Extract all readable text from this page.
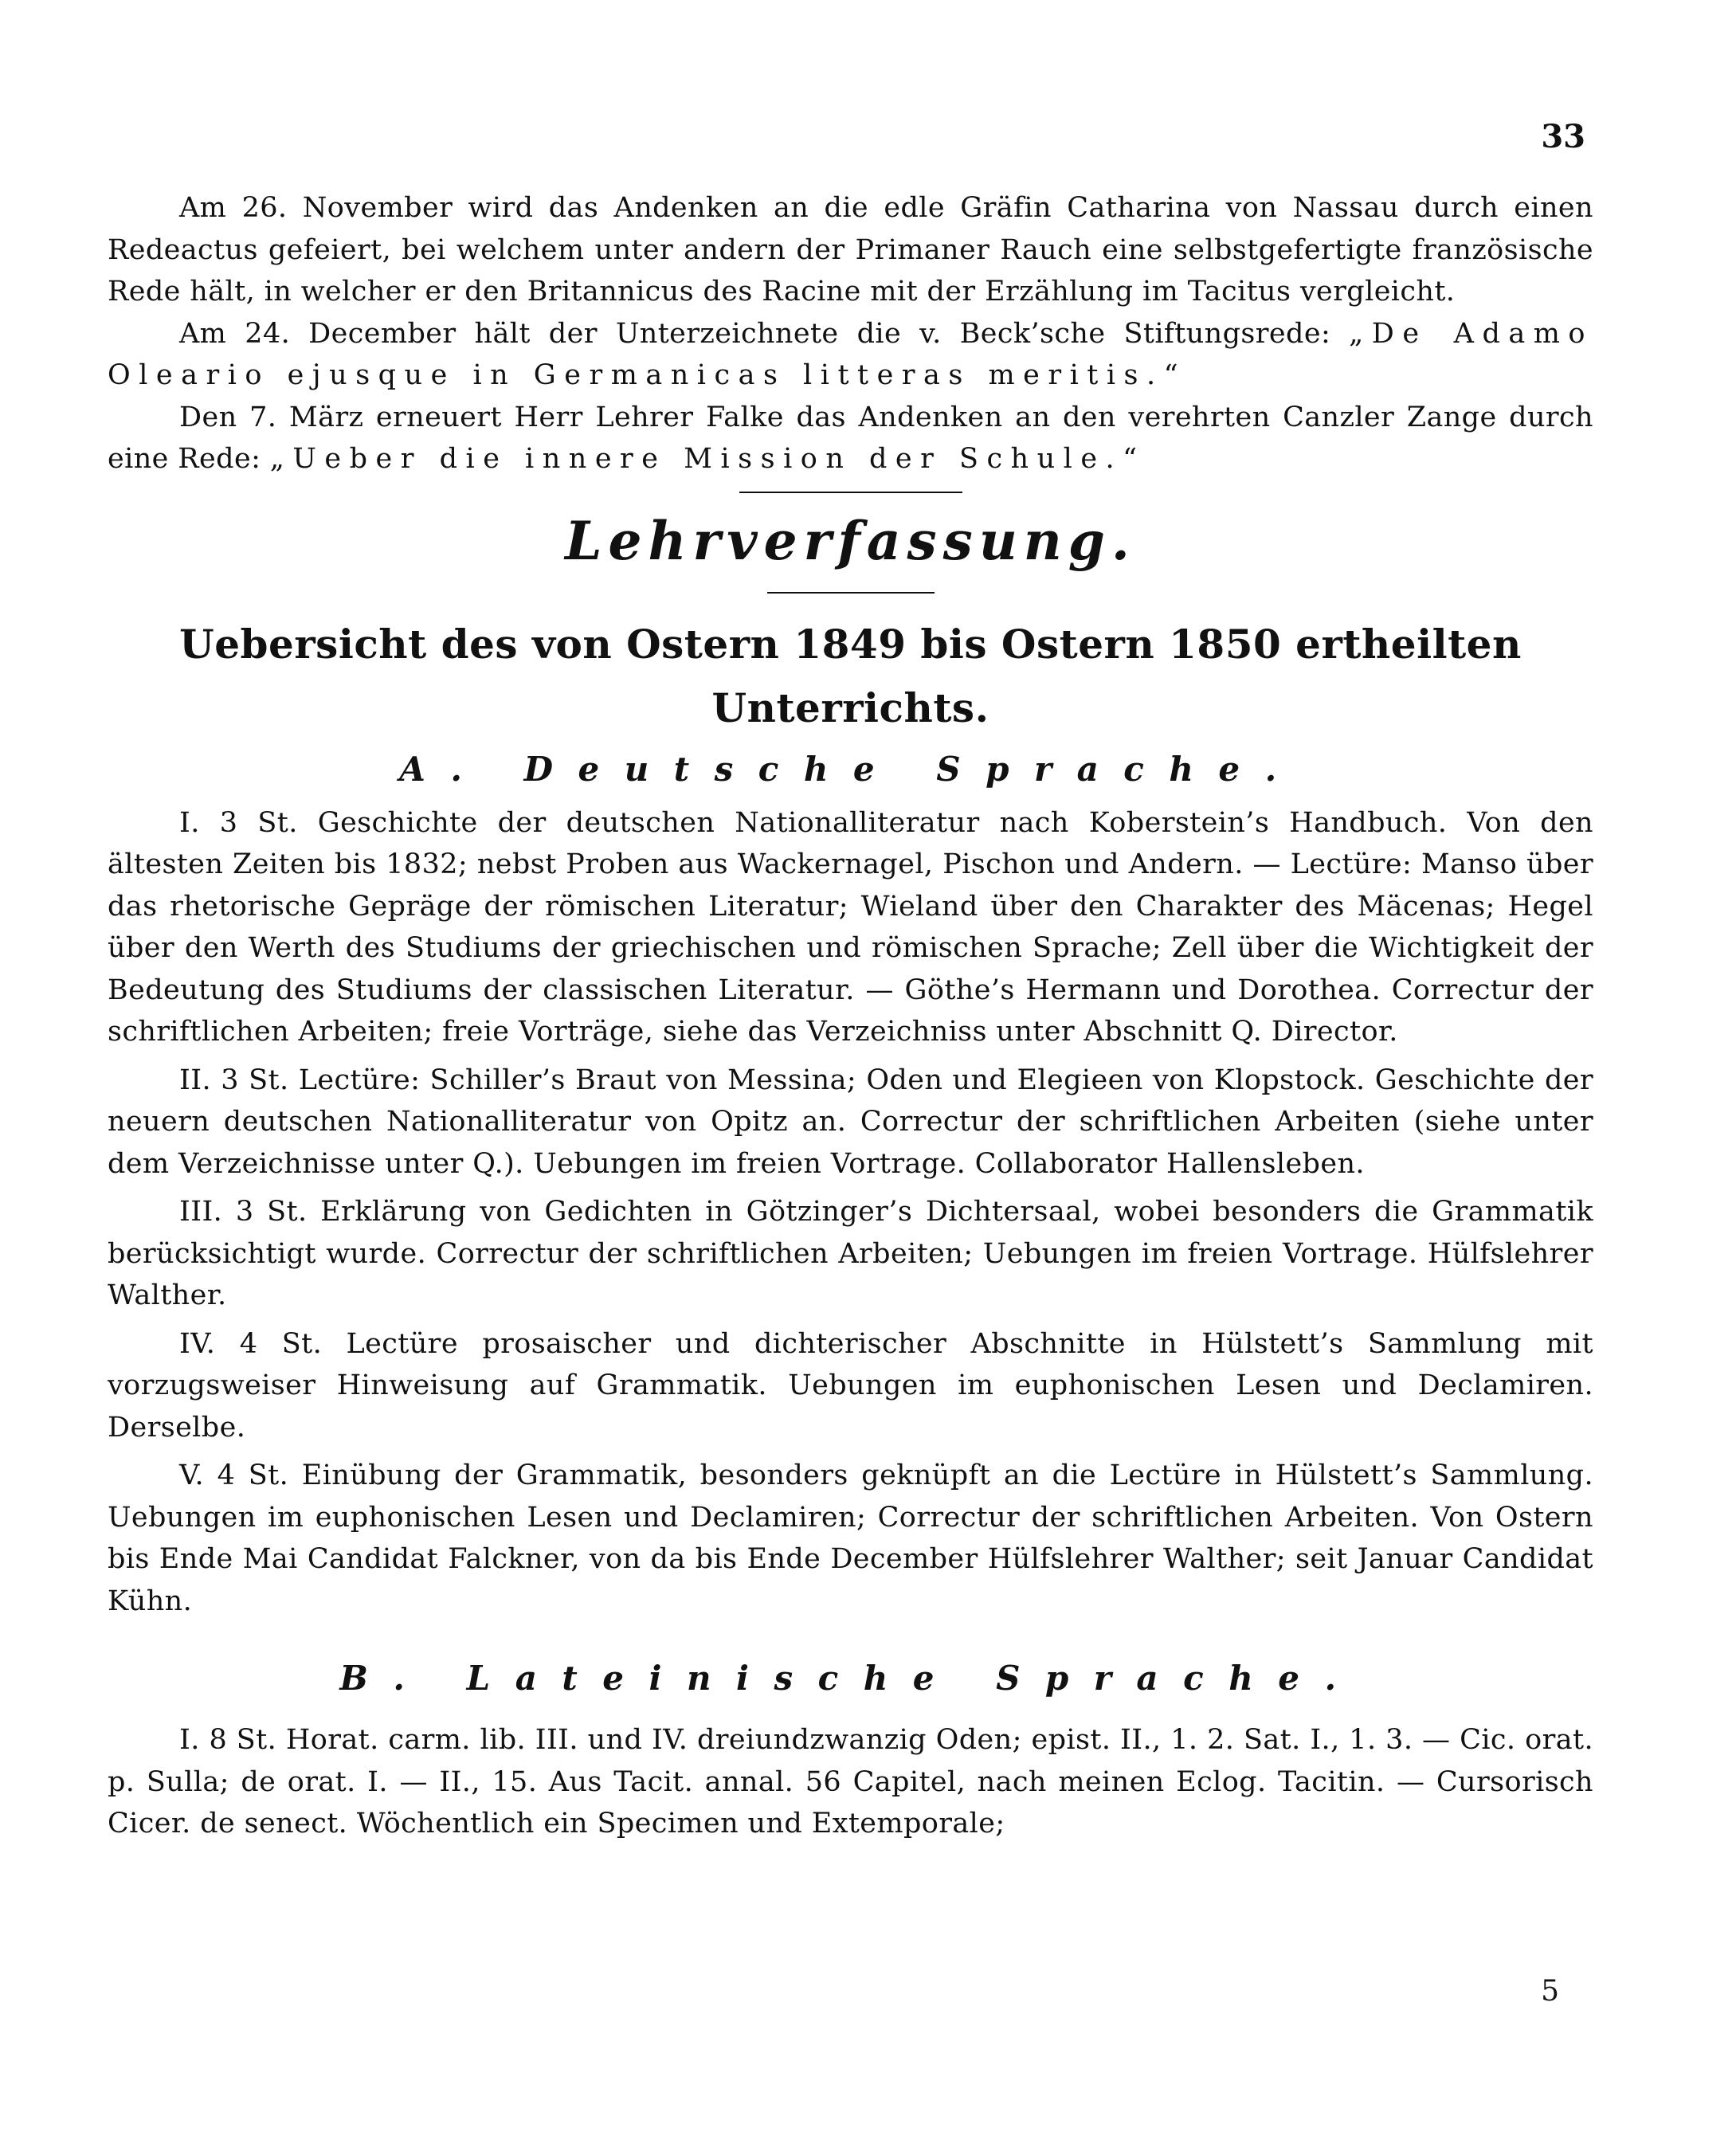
33

Am 26. November wird das Andenken an die edle Gräfin Catharina von Nassau durch einen Redeactus gefeiert, bei welchem unter andern der Primaner Rauch eine selbstgefertigte französische Rede hält, in welcher er den Britannicus des Racine mit der Erzählung im Tacitus vergleicht.

Am 24. December hält der Unterzeichnete die v. Beck’sche Stiftungsrede: „De Adamo Oleario ejusque in Germanicas litteras meritis.“

Den 7. März erneuert Herr Lehrer Falke das Andenken an den verehrten Canzler Zange durch eine Rede: „Ueber die innere Mission der Schule.“

Lehrverfassung.
Uebersicht des von Ostern 1849 bis Ostern 1850 ertheilten Unterrichts.
A. Deutsche Sprache.

I. 3 St. Geschichte der deutschen Nationalliteratur nach Koberstein’s Handbuch. Von den ältesten Zeiten bis 1832; nebst Proben aus Wackernagel, Pischon und Andern. — Lectüre: Manso über das rhetorische Gepräge der römischen Literatur; Wieland über den Charakter des Mäcenas; Hegel über den Werth des Studiums der griechischen und römischen Sprache; Zell über die Wichtigkeit der Bedeutung des Studiums der classischen Literatur. — Göthe’s Hermann und Dorothea. Correctur der schriftlichen Arbeiten; freie Vorträge, siehe das Verzeichniss unter Abschnitt Q. Director.

II. 3 St. Lectüre: Schiller’s Braut von Messina; Oden und Elegieen von Klopstock. Geschichte der neuern deutschen Nationalliteratur von Opitz an. Correctur der schriftlichen Arbeiten (siehe unter dem Verzeichnisse unter Q.). Uebungen im freien Vortrage. Collaborator Hallensleben.

III. 3 St. Erklärung von Gedichten in Götzinger’s Dichtersaal, wobei besonders die Grammatik berücksichtigt wurde. Correctur der schriftlichen Arbeiten; Uebungen im freien Vortrage. Hülfslehrer Walther.

IV. 4 St. Lectüre prosaischer und dichterischer Abschnitte in Hülstett’s Sammlung mit vorzugsweiser Hinweisung auf Grammatik. Uebungen im euphonischen Lesen und Declamiren. Derselbe.

V. 4 St. Einübung der Grammatik, besonders geknüpft an die Lectüre in Hülstett’s Sammlung. Uebungen im euphonischen Lesen und Declamiren; Correctur der schriftlichen Arbeiten. Von Ostern bis Ende Mai Candidat Falckner, von da bis Ende December Hülfslehrer Walther; seit Januar Candidat Kühn.

B. Lateinische Sprache.

I. 8 St. Horat. carm. lib. III. und IV. dreiundzwanzig Oden; epist. II., 1. 2. Sat. I., 1. 3. — Cic. orat. p. Sulla; de orat. I. — II., 15. Aus Tacit. annal. 56 Capitel, nach meinen Eclog. Tacitin. — Cursorisch Cicer. de senect. Wöchentlich ein Specimen und Extemporale;

5
